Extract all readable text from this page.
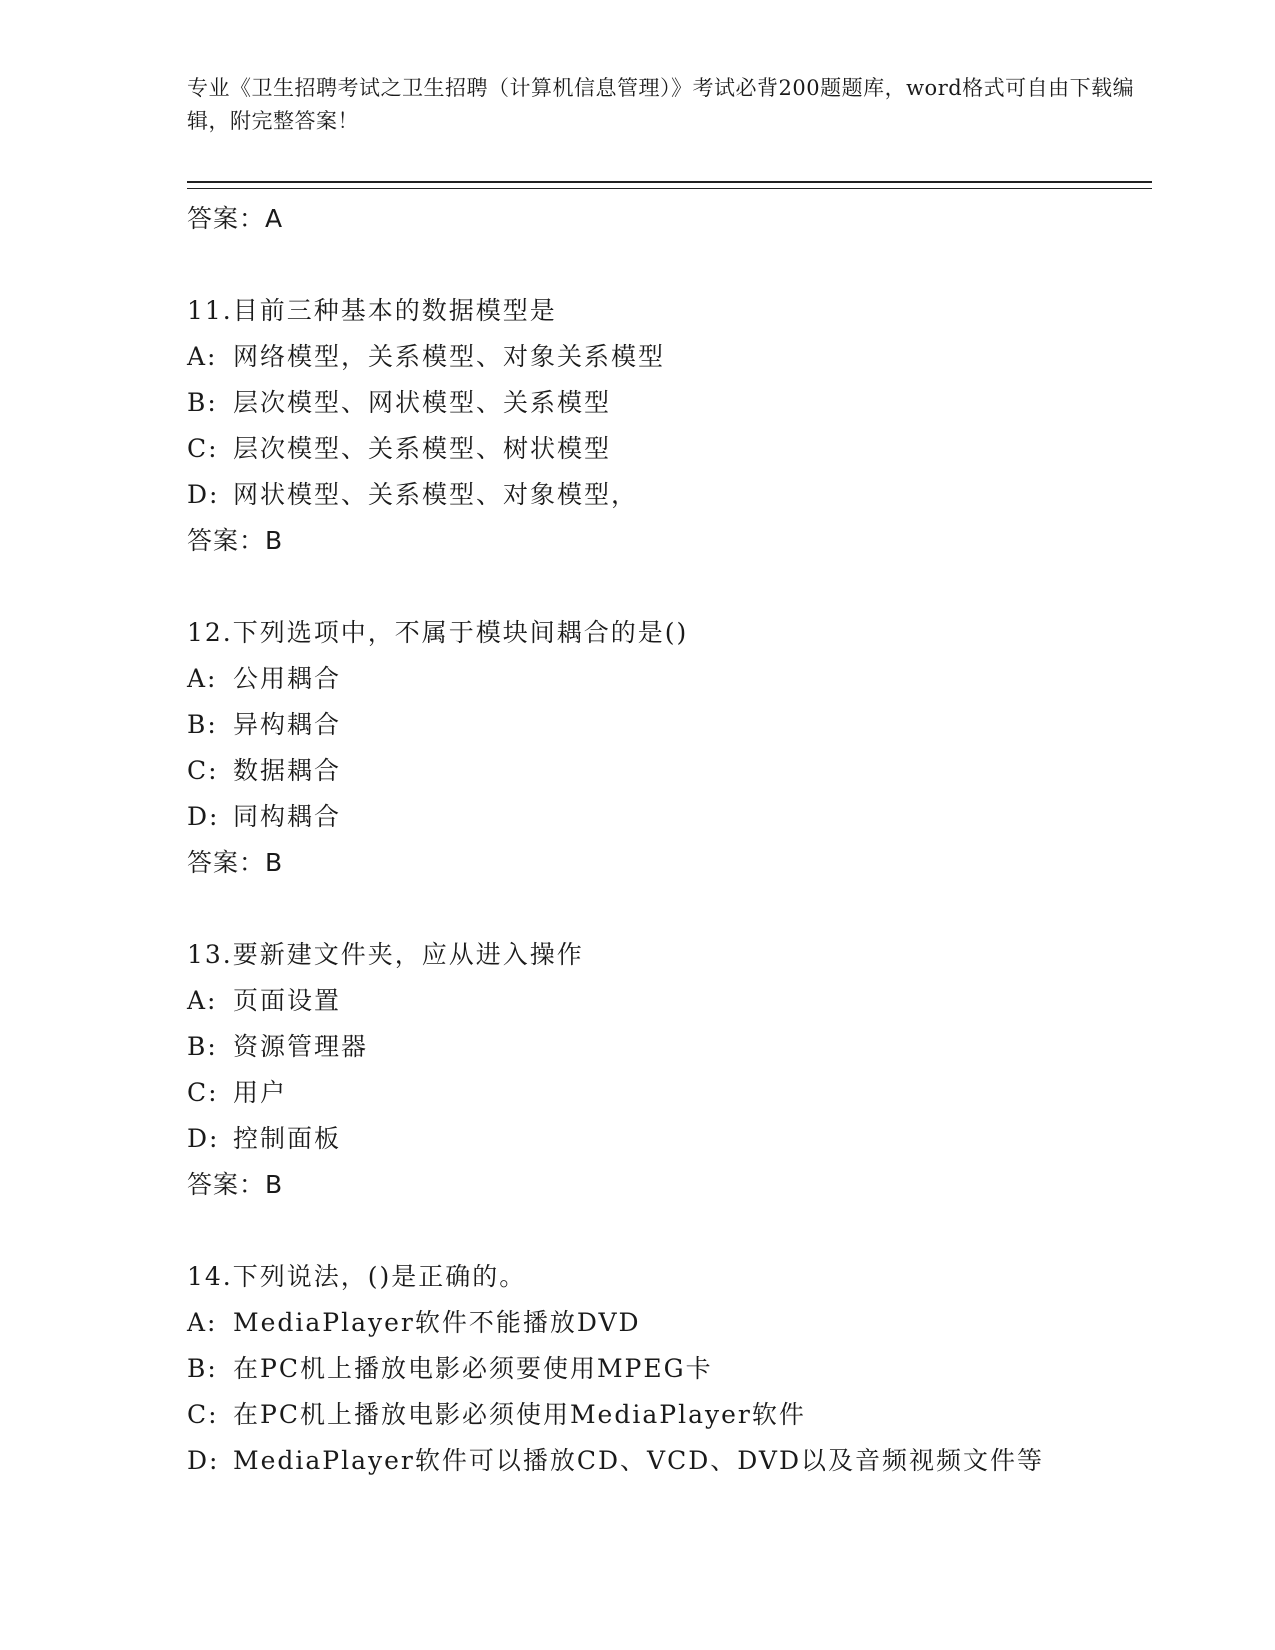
专业《卫生招聘考试之卫生招聘（计算机信息管理）》考试必背200题题库，word格式可自由下载编辑，附完整答案！

答案：A

11.目前三种基本的数据模型是

A: 网络模型，关系模型、对象关系模型

B: 层次模型、网状模型、关系模型

C: 层次模型、关系模型、树状模型

D: 网状模型、关系模型、对象模型，

答案：B

12.下列选项中，不属于模块间耦合的是()

A: 公用耦合

B: 异构耦合

C: 数据耦合

D: 同构耦合

答案：B

13.要新建文件夹，应从进入操作

A: 页面设置

B: 资源管理器

C: 用户

D: 控制面板

答案：B

14.下列说法，()是正确的。

A: MediaPlayer软件不能播放DVD

B: 在PC机上播放电影必须要使用MPEG卡

C: 在PC机上播放电影必须使用MediaPlayer软件

D: MediaPlayer软件可以播放CD、VCD、DVD以及音频视频文件等
